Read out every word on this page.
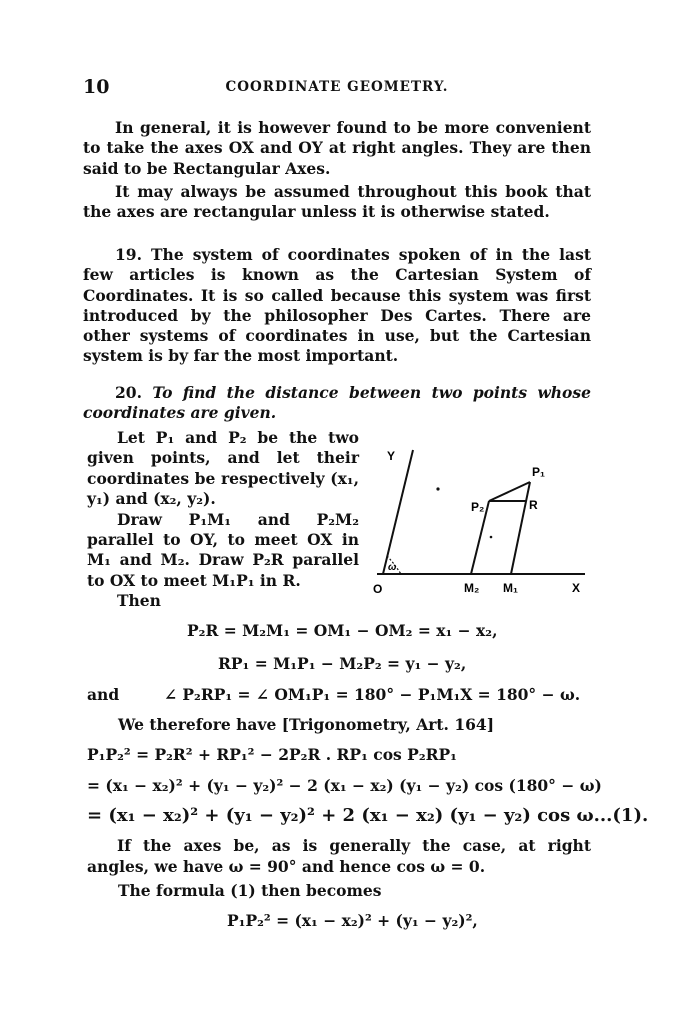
10	COORDINATE GEOMETRY.

In general, it is however found to be more convenient to take the axes OX and OY at right angles. They are then said to be Rectangular Axes.

It may always be assumed throughout this book that the axes are rectangular unless it is otherwise stated.

19. The system of coordinates spoken of in the last few articles is known as the Cartesian System of Coordinates. It is so called because this system was first introduced by the philosopher Des Cartes. There are other systems of coordinates in use, but the Cartesian system is by far the most important.

20. To find the distance between two points whose coordinates are given.

Let P₁ and P₂ be the two given points, and let their coordinates be respectively (x₁, y₁) and (x₂, y₂).

Draw P₁M₁ and P₂M₂ parallel to OY, to meet OX in M₁ and M₂. Draw P₂R parallel to OX to meet M₁P₁ in R.

Then

Y
P₁
P₂	R
ω
O	M₂ M₁	X
P₂R = M₂M₁ = OM₁ − OM₂ = x₁ − x₂,
RP₁ = M₁P₁ − M₂P₂ = y₁ − y₂,
and	∠ P₂RP₁ = ∠ OM₁P₁ = 180° − P₁M₁X = 180° − ω.
We therefore have [Trigonometry, Art. 164]
P₁P₂² = P₂R² + RP₁² − 2P₂R . RP₁ cos P₂RP₁
= (x₁ − x₂)² + (y₁ − y₂)² − 2 (x₁ − x₂) (y₁ − y₂) cos (180° − ω)
= (x₁ − x₂)² + (y₁ − y₂)² + 2 (x₁ − x₂) (y₁ − y₂) cos ω...(1).

If the axes be, as is generally the case, at right angles, we have ω = 90° and hence cos ω = 0.

The formula (1) then becomes
P₁P₂² = (x₁ − x₂)² + (y₁ − y₂)²,
